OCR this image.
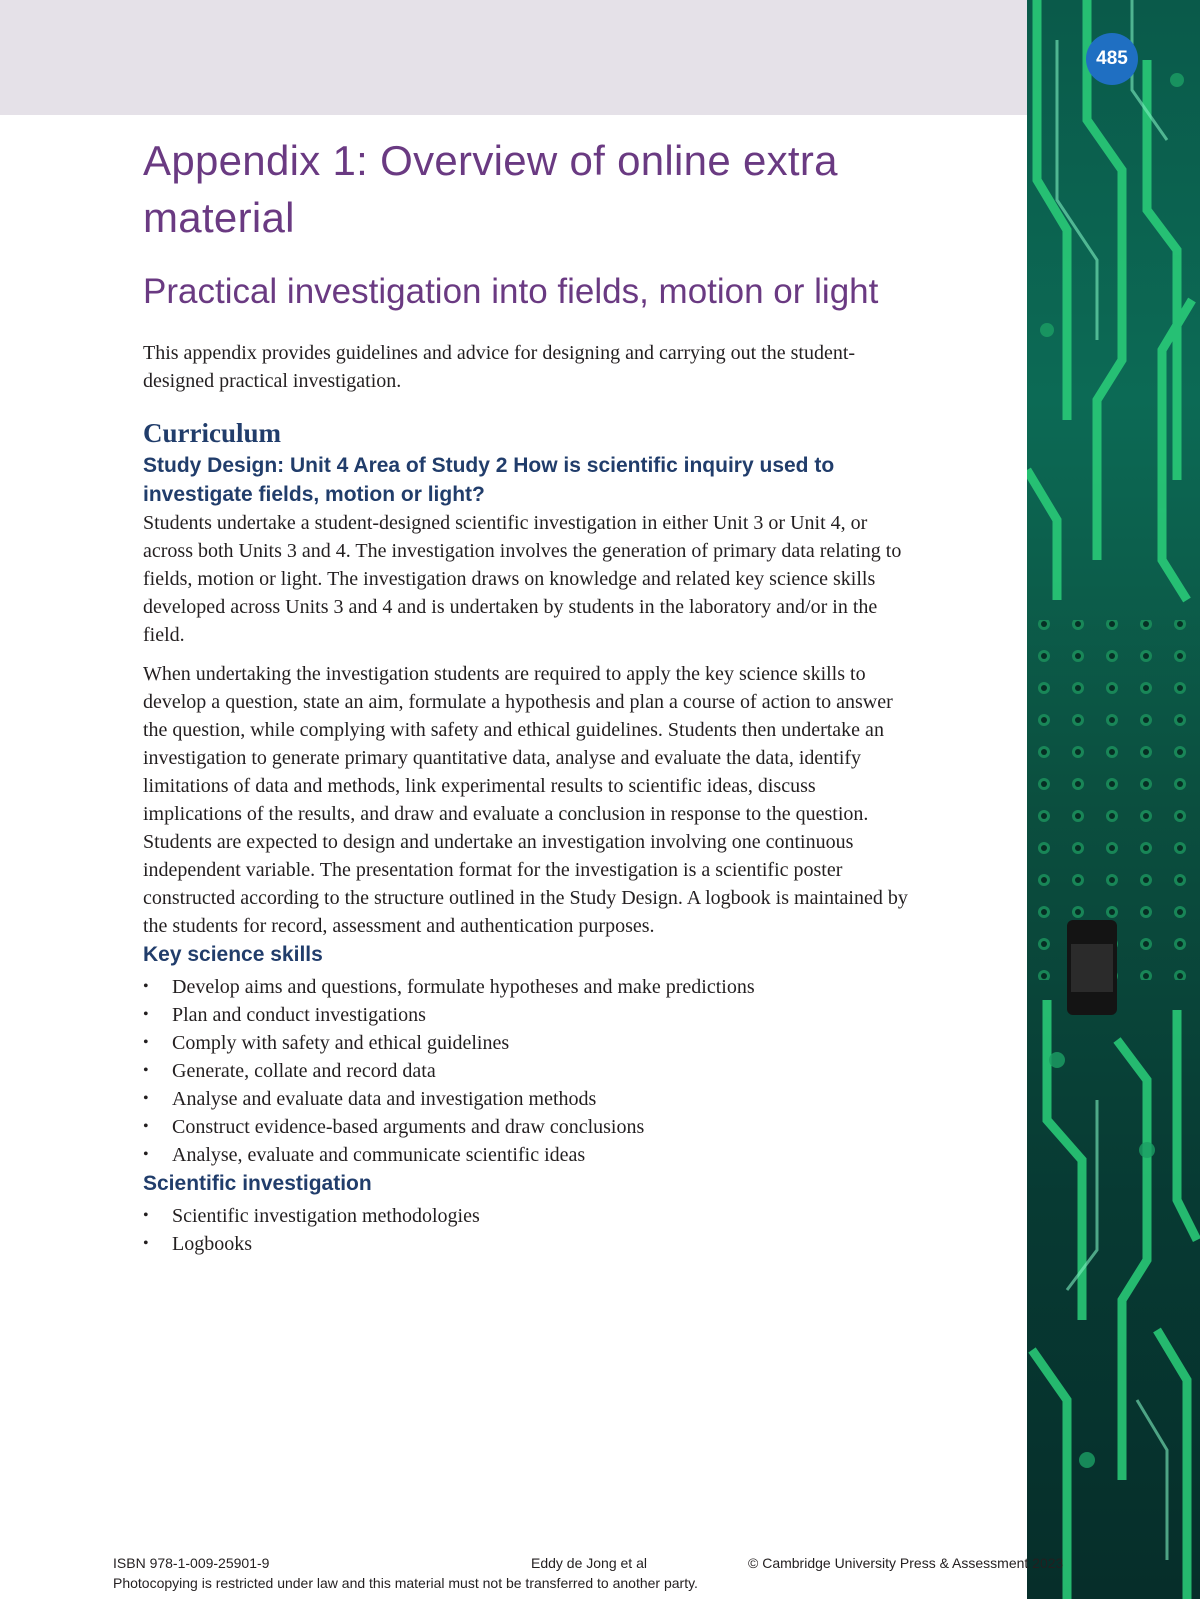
485
Appendix 1: Overview of online extra material
Practical investigation into fields, motion or light

This appendix provides guidelines and advice for designing and carrying out the student-designed practical investigation.

Curriculum
Study Design: Unit 4 Area of Study 2 How is scientific inquiry used to investigate fields, motion or light?

Students undertake a student-designed scientific investigation in either Unit 3 or Unit 4, or across both Units 3 and 4. The investigation involves the generation of primary data relating to fields, motion or light. The investigation draws on knowledge and related key science skills developed across Units 3 and 4 and is undertaken by students in the laboratory and/or in the field.

When undertaking the investigation students are required to apply the key science skills to develop a question, state an aim, formulate a hypothesis and plan a course of action to answer the question, while complying with safety and ethical guidelines. Students then undertake an investigation to generate primary quantitative data, analyse and evaluate the data, identify limitations of data and methods, link experimental results to scientific ideas, discuss implications of the results, and draw and evaluate a conclusion in response to the question. Students are expected to design and undertake an investigation involving one continuous independent variable. The presentation format for the investigation is a scientific poster constructed according to the structure outlined in the Study Design. A logbook is maintained by the students for record, assessment and authentication purposes.

Key science skills
• Develop aims and questions, formulate hypotheses and make predictions
• Plan and conduct investigations
• Comply with safety and ethical guidelines
• Generate, collate and record data
• Analyse and evaluate data and investigation methods
• Construct evidence-based arguments and draw conclusions
• Analyse, evaluate and communicate scientific ideas
Scientific investigation
• Scientific investigation methodologies
• Logbooks
ISBN 978-1-009-25901-9	Eddy de Jong et al	© Cambridge University Press & Assessment 2023
Photocopying is restricted under law and this material must not be transferred to another party.
